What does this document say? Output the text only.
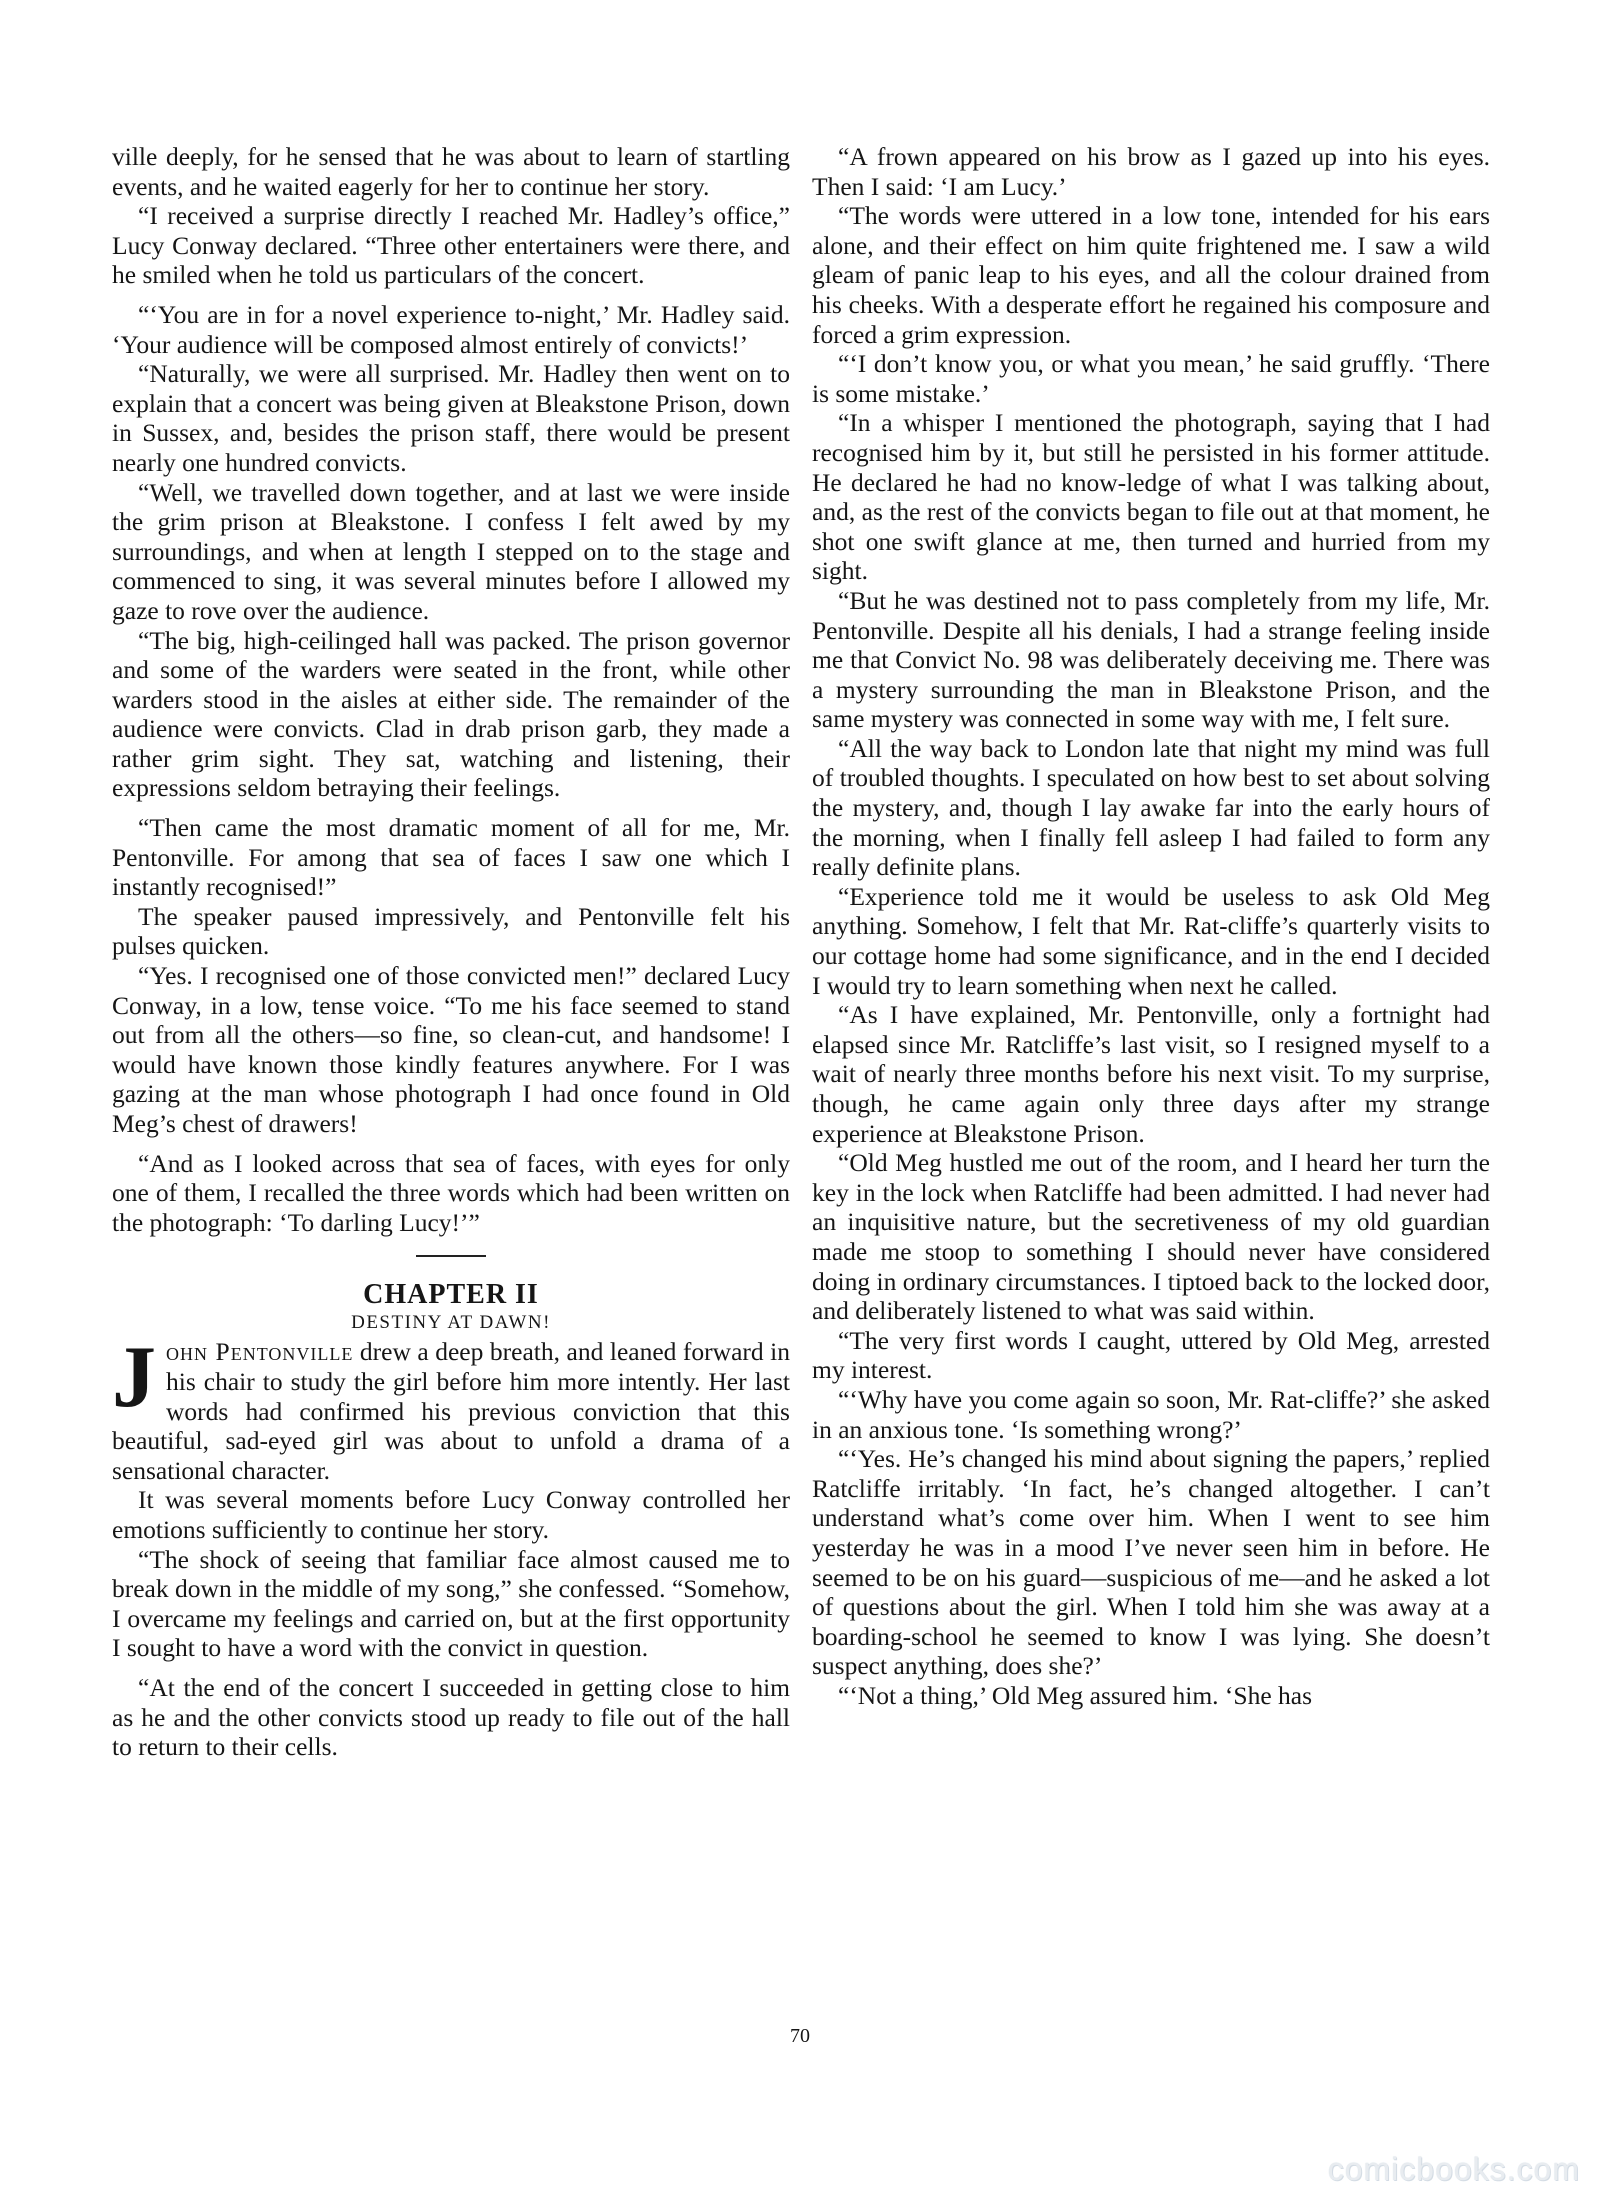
ville deeply, for he sensed that he was about to learn of startling events, and he waited eagerly for her to continue her story.

“I received a surprise directly I reached Mr. Hadley’s office,” Lucy Conway declared. “Three other entertainers were there, and he smiled when he told us particulars of the concert.

“‘You are in for a novel experience to-night,’ Mr. Hadley said. ‘Your audience will be composed almost entirely of convicts!’

“Naturally, we were all surprised. Mr. Hadley then went on to explain that a concert was being given at Bleakstone Prison, down in Sussex, and, besides the prison staff, there would be present nearly one hundred convicts.

“Well, we travelled down together, and at last we were inside the grim prison at Bleakstone. I confess I felt awed by my surroundings, and when at length I stepped on to the stage and commenced to sing, it was several minutes before I allowed my gaze to rove over the audience.

“The big, high-ceilinged hall was packed. The prison governor and some of the warders were seated in the front, while other warders stood in the aisles at either side. The remainder of the audience were convicts. Clad in drab prison garb, they made a rather grim sight. They sat, watching and listening, their expressions seldom betraying their feelings.

“Then came the most dramatic moment of all for me, Mr. Pentonville. For among that sea of faces I saw one which I instantly recognised!”

The speaker paused impressively, and Pentonville felt his pulses quicken.

“Yes. I recognised one of those convicted men!” declared Lucy Conway, in a low, tense voice. “To me his face seemed to stand out from all the others—so fine, so clean-cut, and handsome! I would have known those kindly features anywhere. For I was gazing at the man whose photograph I had once found in Old Meg’s chest of drawers!

“And as I looked across that sea of faces, with eyes for only one of them, I recalled the three words which had been written on the photograph: ‘To darling Lucy!’”

CHAPTER II
DESTINY AT DAWN!

John Pentonville drew a deep breath, and leaned forward in his chair to study the girl before him more intently. Her last words had confirmed his previous conviction that this beautiful, sad-eyed girl was about to unfold a drama of a sensational character.

It was several moments before Lucy Conway controlled her emotions sufficiently to continue her story.

“The shock of seeing that familiar face almost caused me to break down in the middle of my song,” she confessed. “Somehow, I overcame my feelings and carried on, but at the first opportunity I sought to have a word with the convict in question.

“At the end of the concert I succeeded in getting close to him as he and the other convicts stood up ready to file out of the hall to return to their cells.

“A frown appeared on his brow as I gazed up into his eyes. Then I said: ‘I am Lucy.’

“The words were uttered in a low tone, intended for his ears alone, and their effect on him quite frightened me. I saw a wild gleam of panic leap to his eyes, and all the colour drained from his cheeks. With a desperate effort he regained his composure and forced a grim expression.

“‘I don’t know you, or what you mean,’ he said gruffly. ‘There is some mistake.’

“In a whisper I mentioned the photograph, saying that I had recognised him by it, but still he persisted in his former attitude. He declared he had no know-ledge of what I was talking about, and, as the rest of the convicts began to file out at that moment, he shot one swift glance at me, then turned and hurried from my sight.

“But he was destined not to pass completely from my life, Mr. Pentonville. Despite all his denials, I had a strange feeling inside me that Convict No. 98 was deliberately deceiving me. There was a mystery surrounding the man in Bleakstone Prison, and the same mystery was connected in some way with me, I felt sure.

“All the way back to London late that night my mind was full of troubled thoughts. I speculated on how best to set about solving the mystery, and, though I lay awake far into the early hours of the morning, when I finally fell asleep I had failed to form any really definite plans.

“Experience told me it would be useless to ask Old Meg anything. Somehow, I felt that Mr. Rat-cliffe’s quarterly visits to our cottage home had some significance, and in the end I decided I would try to learn something when next he called.

“As I have explained, Mr. Pentonville, only a fortnight had elapsed since Mr. Ratcliffe’s last visit, so I resigned myself to a wait of nearly three months before his next visit. To my surprise, though, he came again only three days after my strange experience at Bleakstone Prison.

“Old Meg hustled me out of the room, and I heard her turn the key in the lock when Ratcliffe had been admitted. I had never had an inquisitive nature, but the secretiveness of my old guardian made me stoop to something I should never have considered doing in ordinary circumstances. I tiptoed back to the locked door, and deliberately listened to what was said within.

“The very first words I caught, uttered by Old Meg, arrested my interest.

“‘Why have you come again so soon, Mr. Rat-cliffe?’ she asked in an anxious tone. ‘Is something wrong?’

“‘Yes. He’s changed his mind about signing the papers,’ replied Ratcliffe irritably. ‘In fact, he’s changed altogether. I can’t understand what’s come over him. When I went to see him yesterday he was in a mood I’ve never seen him in before. He seemed to be on his guard—suspicious of me—and he asked a lot of questions about the girl. When I told him she was away at a boarding-school he seemed to know I was lying. She doesn’t suspect anything, does she?’

“‘Not a thing,’ Old Meg assured him. ‘She has

70
comicbooks.com
